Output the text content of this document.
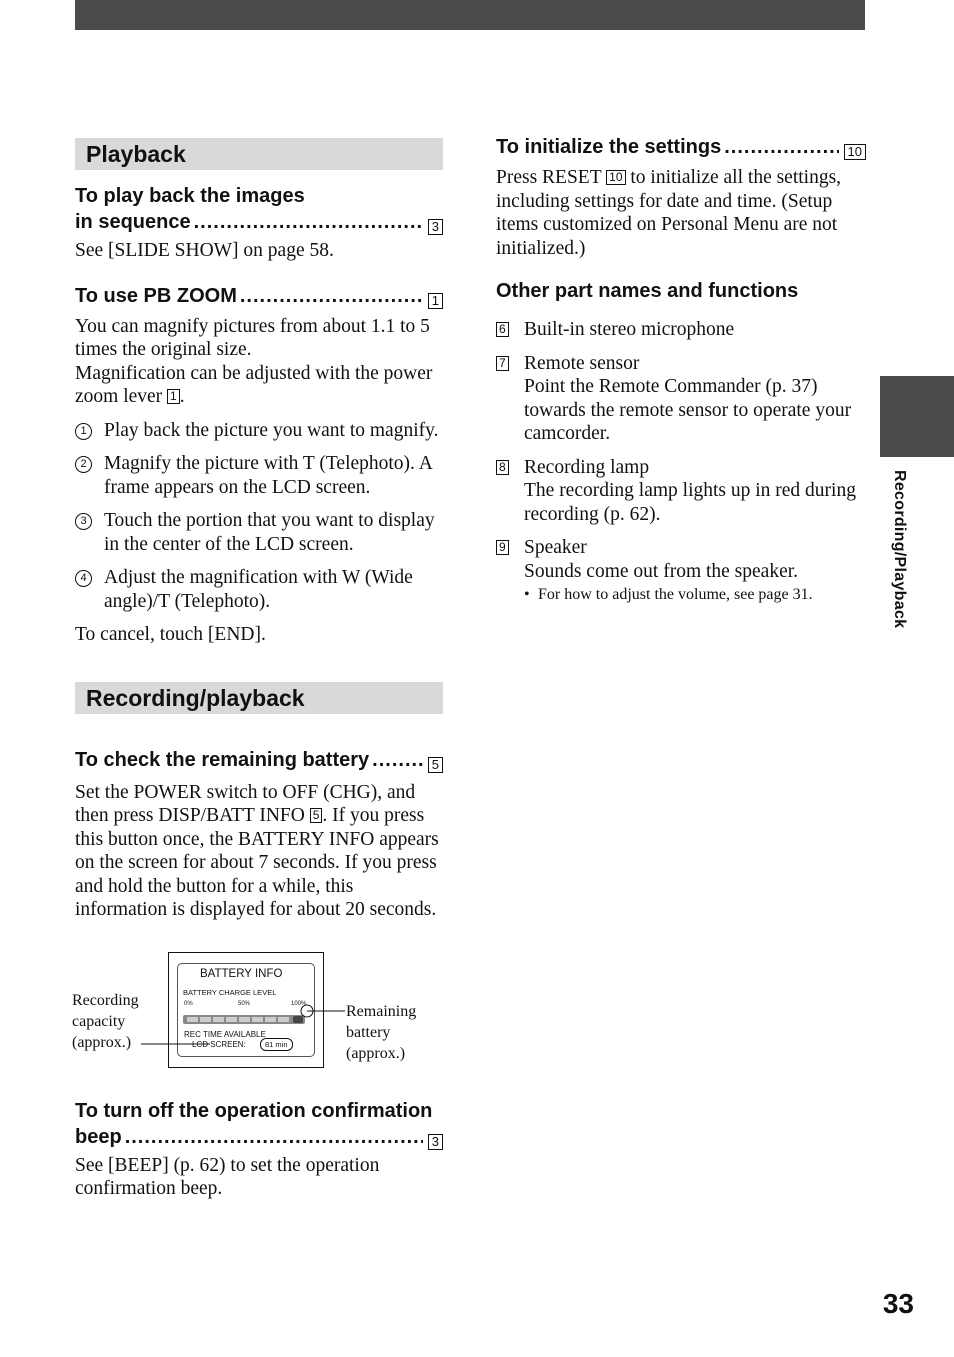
Recording/Playback
33
Playback
To play back the images
in sequence .....	3

See [SLIDE SHOW] on page 58.

To use PB ZOOM .....	1

You can magnify pictures from about 1.1 to 5 times the original size.

Magnification can be adjusted with the power zoom lever 1 .

1 Play back the picture you want to magnify.
2 Magnify the picture with T (Telephoto). A frame appears on the LCD screen.
3 Touch the portion that you want to display in the center of the LCD screen.
4 Adjust the magnification with W (Wide angle)/T (Telephoto).

To cancel, touch [END].

Recording/playback
To check the remaining battery .....	5

Set the POWER switch to OFF (CHG), and then press DISP/BATT INFO 5 . If you press this button once, the BATTERY INFO appears on the screen for about 7 seconds. If you press and hold the button for a while, this information is displayed for about 20 seconds.

Recording capacity (approx.)
BATTERY INFO
BATTERY CHARGE LEVEL
0%	50%	100%
REC TIME AVAILABLE
LCD SCREEN:	81 min
Remaining battery (approx.)
To turn off the operation confirmation
beep .....	3

See [BEEP] (p. 62) to set the operation confirmation beep.

To initialize the settings .....	10

Press RESET 10 to initialize all the settings, including settings for date and time. (Setup items customized on Personal Menu are not initialized.)

Other part names and functions
6 Built-in stereo microphone
7 Remote sensor
Point the Remote Commander (p. 37) towards the remote sensor to operate your camcorder.
8 Recording lamp
The recording lamp lights up in red during recording (p. 62).
9 Speaker
Sounds come out from the speaker.
• For how to adjust the volume, see page 31.
